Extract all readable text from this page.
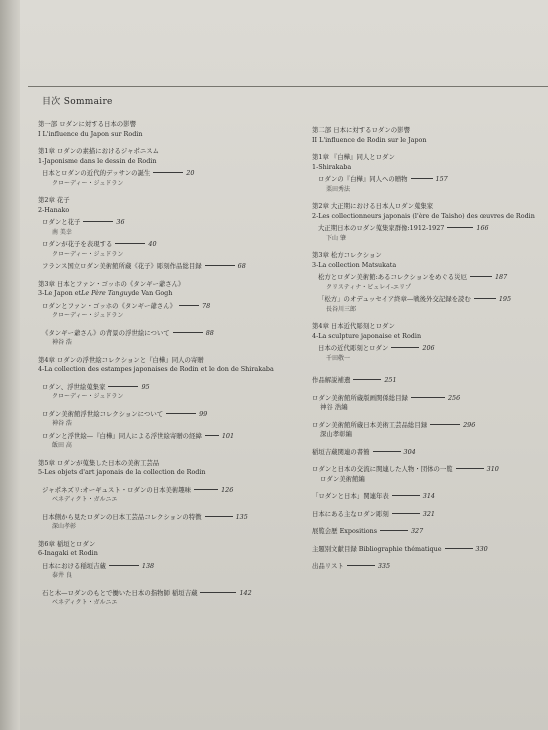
目次 Sommaire
第一部 ロダンに対する日本の影響
I L'influence du Japon sur Rodin
第1章 ロダンの素描におけるジャポニスム
1-Japonisme dans le dessin de Rodin
日本とロダンの近代的デッサンの誕生	20
クローディー・ジュドラン
第2章 花子
2-Hanako
ロダンと花子	36
南 美幸
ロダンが花子を表現する	40
クローディー・ジュドラン
フランス国立ロダン美術館所蔵《花子》彫刻作品総目録	68
第3章 日本とファン・ゴッホの《タンギー爺さん》
3-Le Japon et Le Père Tanguy de Van Gogh
ロダンとファン・ゴッホの《タンギー爺さん》	78
クローディー・ジュドラン
《タンギー爺さん》の背景の浮世絵について	88
神谷 浩
第4章 ロダンの浮世絵コレクションと『白樺』同人の寄贈
4-La collection des estampes japonaises de Rodin et le don de Shirakaba
ロダン、浮世絵蒐集家	95
クローディー・ジュドラン
ロダン美術館浮世絵コレクションについて	99
神谷 浩
ロダンと浮世絵—『白樺』同人による浮世絵寄贈の経緯	101
飯田 高
第5章 ロダンが蒐集した日本の美術工芸品
5-Les objets d'art japonais de la collection de Rodin
ジャポネズリ:オーギュスト・ロダンの日本美術趣味	126
ベネディクト・ガルニエ
日本側から見たロダンの日本工芸品コレクションの特徴	135
深山孝彰
第6章 稲垣とロダン
6-Inagaki et Rodin
日本における稲垣吉蔵	138
泰井 良
石と木—ロダンのもとで働いた日本の指物師 稲垣吉蔵	142
ベネディクト・ガルニエ
第二部 日本に対するロダンの影響
II L'influence de Rodin sur le Japon
第1章 『白樺』同人とロダン
1-Shirakaba
ロダンの『白樺』同人への贈物	157
栗田秀法
第2章 大正期における日本人ロダン蒐集家
2-Les collectionneurs japonais (l'ère de Taisho) des œuvres de Rodin
大正期日本のロダン蒐集家群像:1912-1927	166
下山 肇
第3章 松方コレクション
3-La collection Matsukata
松方とロダン美術館:あるコレクションをめぐる災厄	187
クリスティナ・ビュレイ-エリプ
「松方」のオデュッセイア終章—戦後外交記録を読む	195
長谷川三郎
第4章 日本近代彫刻とロダン
4-La sculpture japonaise et Rodin
日本の近代彫刻とロダン	206
千田敬一
作品解説補遺	251
ロダン美術館所蔵版画関係総目録	256
神谷 浩編
ロダン美術館所蔵日本美術工芸品総目録	296
深山孝彰編
稲垣吉蔵関連の書簡	304
ロダンと日本の交流に関連した人物・団体の一覧	310
ロダン美術館編
「ロダンと日本」関連年表	314
日本にある主なロダン彫刻	321
展覧会歴 Expositions	327
主題別文献目録 Bibliographie thématique	330
出品リスト	335
